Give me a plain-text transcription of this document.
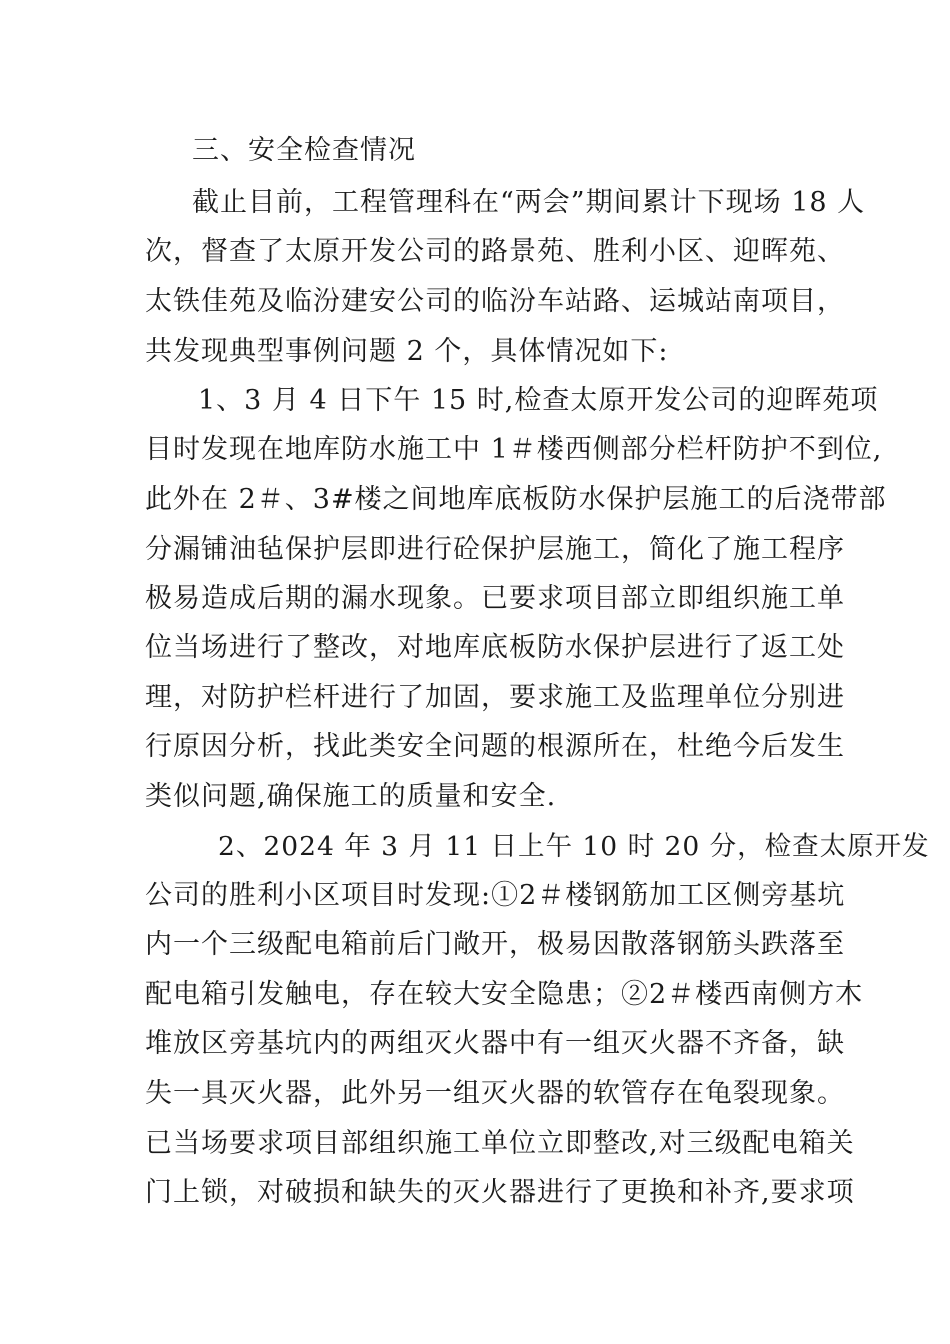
三、安全检查情况
截止目前，工程管理科在“两会”期间累计下现场 18 人
次，督查了太原开发公司的路景苑、胜利小区、迎晖苑、
太铁佳苑及临汾建安公司的临汾车站路、运城站南项目，
共发现典型事例问题 2 个，具体情况如下:
1、3 月 4 日下午 15 时,检查太原开发公司的迎晖苑项
目时发现在地库防水施工中 1＃楼西侧部分栏杆防护不到位,
此外在 2＃、3#楼之间地库底板防水保护层施工的后浇带部
分漏铺油毡保护层即进行砼保护层施工，简化了施工程序
极易造成后期的漏水现象。已要求项目部立即组织施工单
位当场进行了整改，对地库底板防水保护层进行了返工处
理，对防护栏杆进行了加固，要求施工及监理单位分别进
行原因分析，找此类安全问题的根源所在，杜绝今后发生
类似问题,确保施工的质量和安全.
2、2024 年 3 月 11 日上午 10 时 20 分，检查太原开发
公司的胜利小区项目时发现:①2＃楼钢筋加工区侧旁基坑
内一个三级配电箱前后门敞开，极易因散落钢筋头跌落至
配电箱引发触电，存在较大安全隐患；②2＃楼西南侧方木
堆放区旁基坑内的两组灭火器中有一组灭火器不齐备，缺
失一具灭火器，此外另一组灭火器的软管存在龟裂现象。
已当场要求项目部组织施工单位立即整改,对三级配电箱关
门上锁，对破损和缺失的灭火器进行了更换和补齐,要求项
